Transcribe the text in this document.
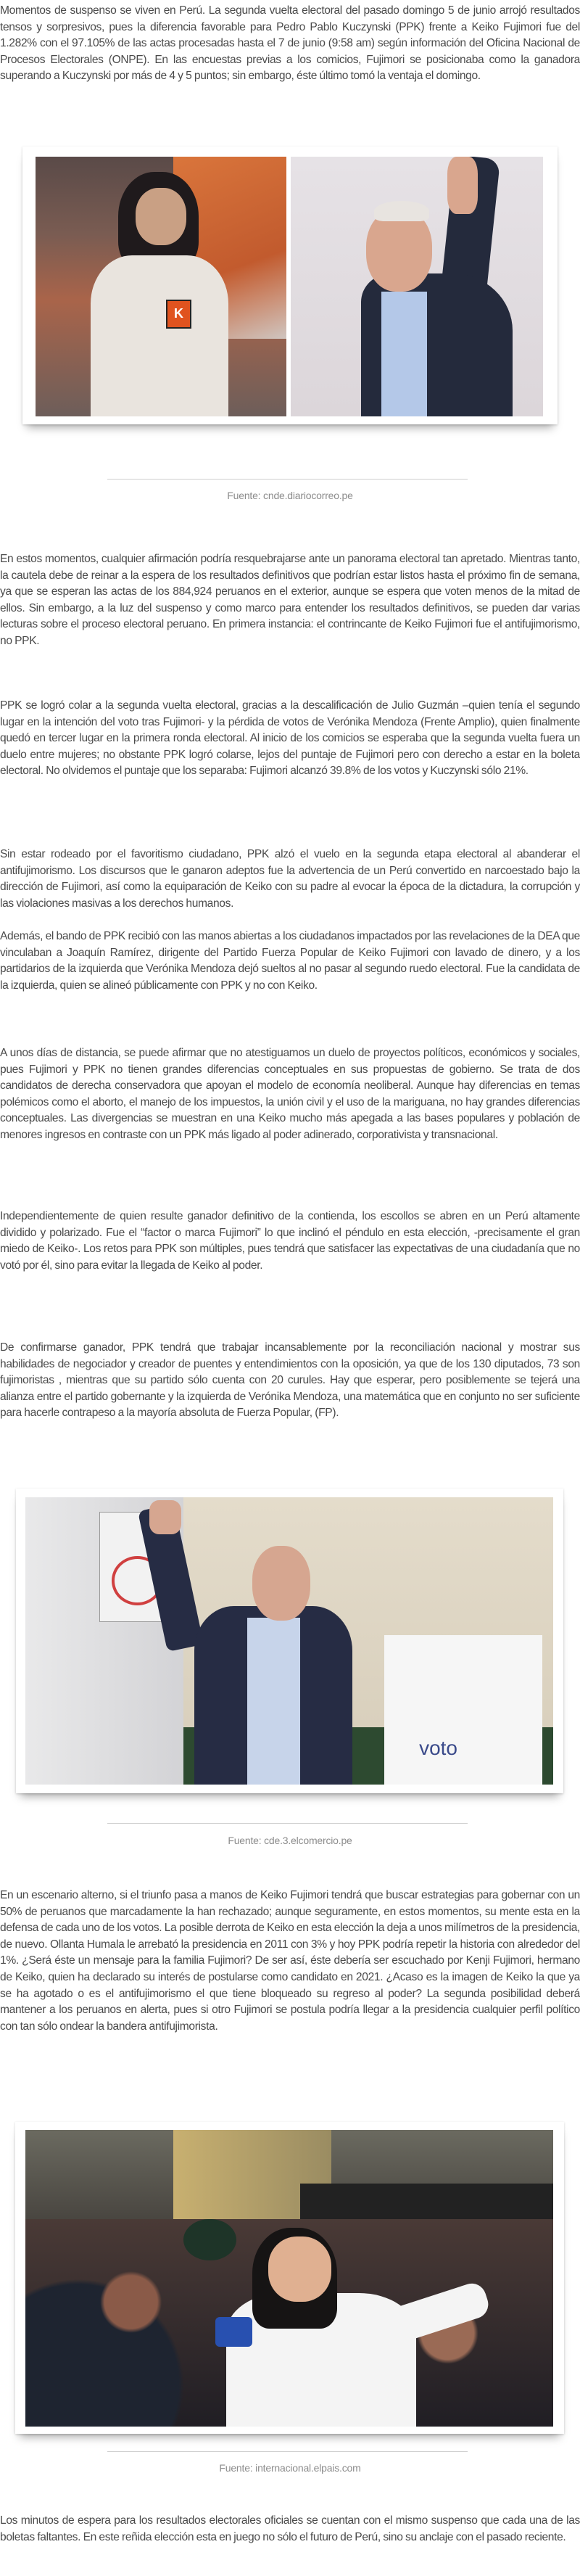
Momentos de suspenso se viven en Perú. La segunda vuelta electoral del pasado domingo 5 de junio arrojó resultados tensos y sorpresivos, pues la diferencia favorable para Pedro Pablo Kuczynski (PPK) frente a Keiko Fujimori fue del 1.282% con el 97.105% de las actas procesadas hasta el 7 de junio (9:58 am) según información del Oficina Nacional de Procesos Electorales (ONPE). En las encuestas previas a los comicios, Fujimori se posicionaba como la ganadora superando a Kuczynski por más de 4 y 5 puntos; sin embargo, éste último tomó la ventaja el domingo.

K
Fuente: cnde.diariocorreo.pe

En estos momentos, cualquier afirmación podría resquebrajarse ante un panorama electoral tan apretado. Mientras tanto, la cautela debe de reinar a la espera de los resultados definitivos que podrían estar listos hasta el próximo fin de semana, ya que se esperan las actas de los 884,924 peruanos en el exterior, aunque se espera que voten menos de la mitad de ellos. Sin embargo, a la luz del suspenso y como marco para entender los resultados definitivos, se pueden dar varias lecturas sobre el proceso electoral peruano. En primera instancia: el contrincante de Keiko Fujimori fue el antifujimorismo, no PPK.

PPK se logró colar a la segunda vuelta electoral, gracias a la descalificación de Julio Guzmán –quien tenía el segundo lugar en la intención del voto tras Fujimori- y la pérdida de votos de Verónika Mendoza (Frente Amplio), quien finalmente quedó en tercer lugar en la primera ronda electoral. Al inicio de los comicios se esperaba que la segunda vuelta fuera un duelo entre mujeres; no obstante PPK logró colarse, lejos del puntaje de Fujimori pero con derecho a estar en la boleta electoral. No olvidemos el puntaje que los separaba: Fujimori alcanzó 39.8% de los votos y Kuczynski sólo 21%.

Sin estar rodeado por el favoritismo ciudadano, PPK alzó el vuelo en la segunda etapa electoral al abanderar el antifujimorismo. Los discursos que le ganaron adeptos fue la advertencia de un Perú convertido en narcoestado bajo la dirección de Fujimori, así como la equiparación de Keiko con su padre al evocar la época de la dictadura, la corrupción y las violaciones masivas a los derechos humanos.

Además, el bando de PPK recibió con las manos abiertas a los ciudadanos impactados por las revelaciones de la DEA que vinculaban a Joaquín Ramírez, dirigente del Partido Fuerza Popular de Keiko Fujimori con lavado de dinero, y a los partidarios de la izquierda que Verónika Mendoza dejó sueltos al no pasar al segundo ruedo electoral. Fue la candidata de la izquierda, quien se alineó públicamente con PPK y no con Keiko.

A unos días de distancia, se puede afirmar que no atestiguamos un duelo de proyectos políticos, económicos y sociales, pues Fujimori y PPK no tienen grandes diferencias conceptuales en sus propuestas de gobierno. Se trata de dos candidatos de derecha conservadora que apoyan el modelo de economía neoliberal. Aunque hay diferencias en temas polémicos como el aborto, el manejo de los impuestos, la unión civil y el uso de la mariguana, no hay grandes diferencias conceptuales. Las divergencias se muestran en una Keiko mucho más apegada a las bases populares y población de menores ingresos en contraste con un PPK más ligado al poder adinerado, corporativista y transnacional.

Independientemente de quien resulte ganador definitivo de la contienda, los escollos se abren en un Perú altamente dividido y polarizado. Fue el “factor o marca Fujimori” lo que inclinó el péndulo en esta elección, -precisamente el gran miedo de Keiko-. Los retos para PPK son múltiples, pues tendrá que satisfacer las expectativas de una ciudadanía que no votó por él, sino para evitar la llegada de Keiko al poder.

De confirmarse ganador, PPK tendrá que trabajar incansablemente por la reconciliación nacional y mostrar sus habilidades de negociador y creador de puentes y entendimientos con la oposición, ya que de los 130 diputados, 73 son fujimoristas , mientras que su partido sólo cuenta con 20 curules. Hay que esperar, pero posiblemente se tejerá una alianza entre el partido gobernante y la izquierda de Verónika Mendoza, una matemática que en conjunto no ser suficiente para hacerle contrapeso a la mayoría absoluta de Fuerza Popular, (FP).

voto
Fuente: cde.3.elcomercio.pe

En un escenario alterno, si el triunfo pasa a manos de Keiko Fujimori tendrá que buscar estrategias para gobernar con un 50% de peruanos que marcadamente la han rechazado; aunque seguramente, en estos momentos, su mente esta en la defensa de cada uno de los votos. La posible derrota de Keiko en esta elección la deja a unos milímetros de la presidencia, de nuevo. Ollanta Humala le arrebató la presidencia en 2011 con 3% y hoy PPK podría repetir la historia con alrededor del 1%. ¿Será éste un mensaje para la familia Fujimori? De ser así, éste debería ser escuchado por Kenji Fujimori, hermano de Keiko, quien ha declarado su interés de postularse como candidato en 2021. ¿Acaso es la imagen de Keiko la que ya se ha agotado o es el antifujimorismo el que tiene bloqueado su regreso al poder? La segunda posibilidad deberá mantener a los peruanos en alerta, pues si otro Fujimori se postula podría llegar a la presidencia cualquier perfil político con tan sólo ondear la bandera antifujimorista.

Fuente: internacional.elpais.com

Los minutos de espera para los resultados electorales oficiales se cuentan con el mismo suspenso que cada una de las boletas faltantes. En este reñida elección esta en juego no sólo el futuro de Perú, sino su anclaje con el pasado reciente.
